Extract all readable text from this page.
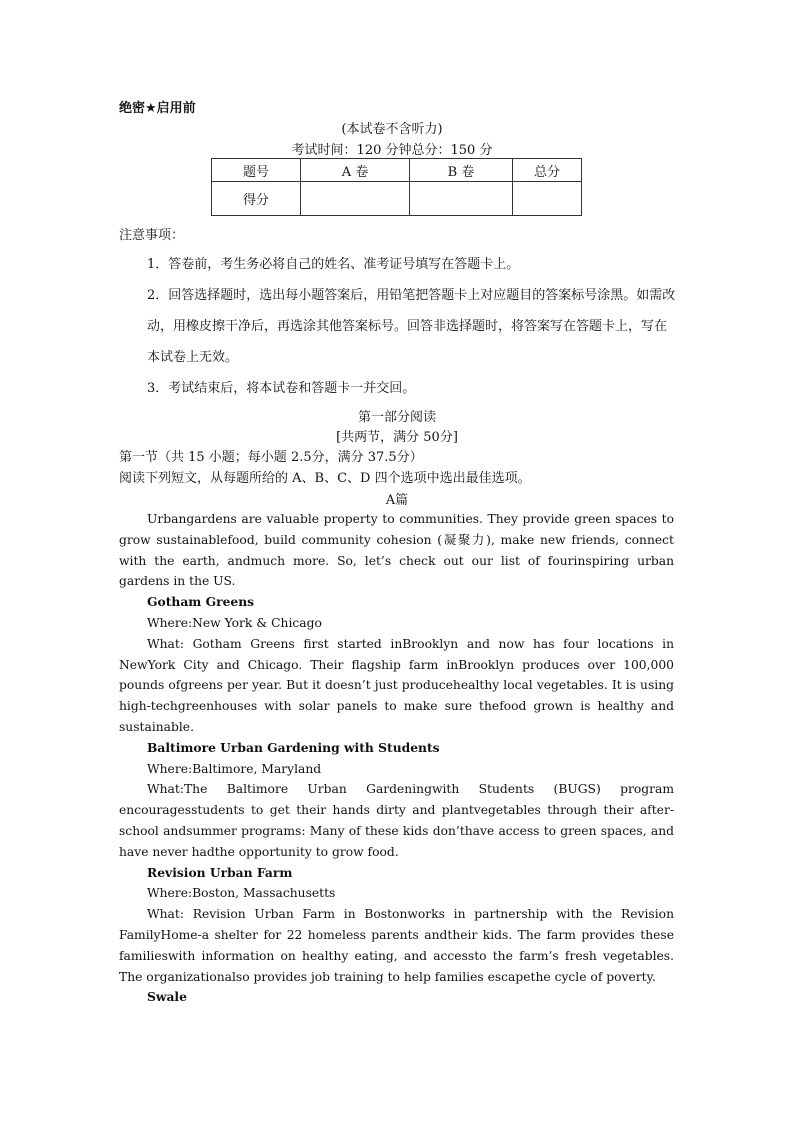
绝密★启用前
(本试卷不含听力)
考试时间：120 分钟总分：150 分
题号	A 卷	B 卷	总分
得分			
注意事项：
1．答卷前，考生务必将自己的姓名、准考证号填写在答题卡上。
2．回答选择题时，选出每小题答案后，用铅笔把答题卡上对应题目的答案标号涂黑。如需改动，用橡皮擦干净后，再选涂其他答案标号。回答非选择题时，将答案写在答题卡上，写在本试卷上无效。
3．考试结束后，将本试卷和答题卡一并交回。
第一部分阅读
[共两节，满分 50分]
第一节（共 15 小题；每小题 2.5分，满分 37.5分）
阅读下列短文，从每题所给的 A、B、C、D 四个选项中选出最佳选项。
A篇

Urbangardens are valuable property to communities. They provide green spaces to grow sustainablefood, build community cohesion (凝聚力), make new friends, connect with the earth, andmuch more. So, let’s check out our list of fourinspiring urban gardens in the US.

Gotham Greens

Where:New York & Chicago

What: Gotham Greens first started inBrooklyn and now has four locations in NewYork City and Chicago. Their flagship farm inBrooklyn produces over 100,000 pounds ofgreens per year. But it doesn’t just producehealthy local vegetables. It is using high-techgreenhouses with solar panels to make sure thefood grown is healthy and sustainable.

Baltimore Urban Gardening with Students

Where:Baltimore, Maryland

What:The Baltimore Urban Gardeningwith Students (BUGS) program encouragesstudents to get their hands dirty and plantvegetables through their after-school andsummer programs: Many of these kids don’thave access to green spaces, and have never hadthe opportunity to grow food.

Revision Urban Farm

Where:Boston, Massachusetts

What: Revision Urban Farm in Bostonworks in partnership with the Revision FamilyHome-a shelter for 22 homeless parents andtheir kids. The farm provides these familieswith information on healthy eating, and accessto the farm’s fresh vegetables. The organizationalso provides job training to help families escapethe cycle of poverty.

Swale
